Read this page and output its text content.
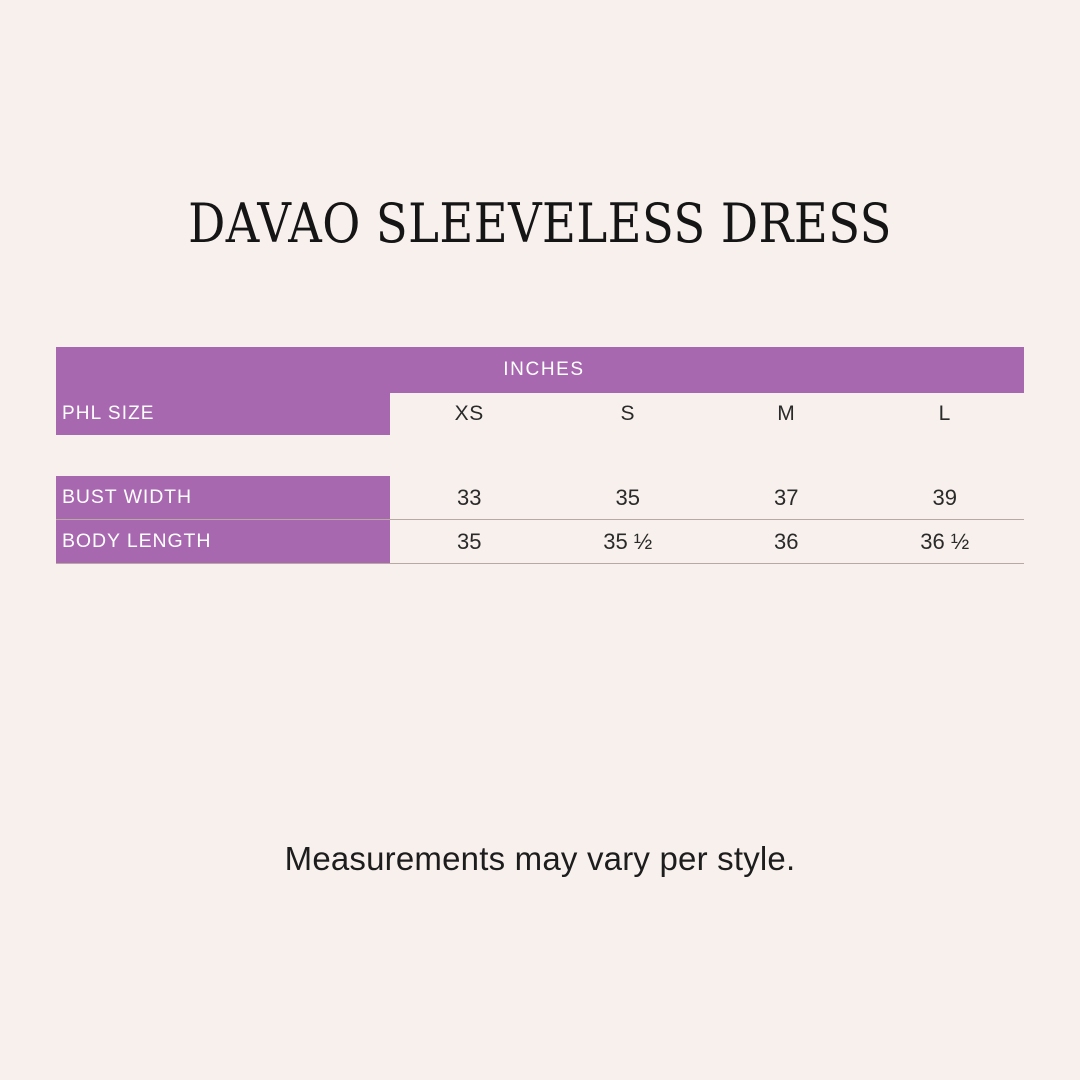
DAVAO SLEEVELESS DRESS
INCHES
PHL SIZE	XS	S	M	L
BUST WIDTH	33	35	37	39
BODY LENGTH	35	35 ½	36	36 ½
Measurements may vary per style.
